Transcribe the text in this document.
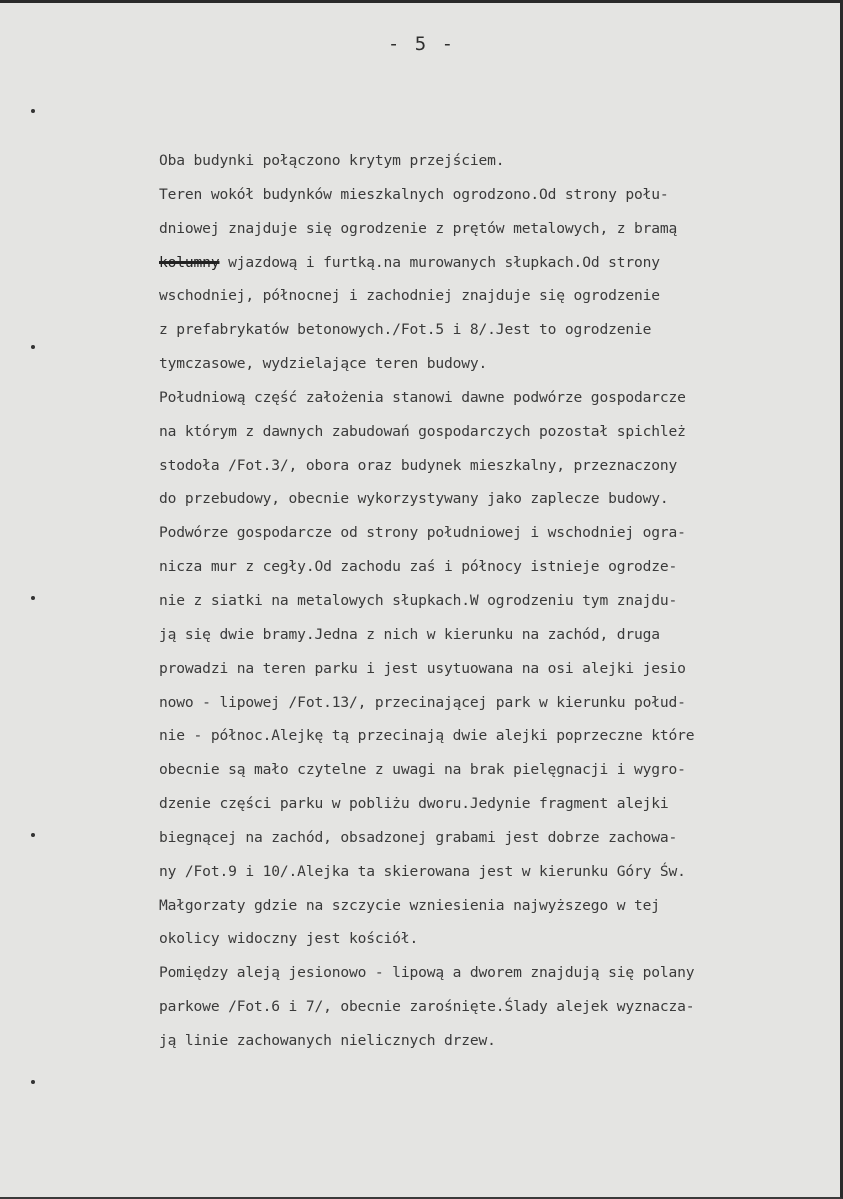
- 5 -
Oba budynki połączono krytym przejściem.
Teren wokół budynków mieszkalnych ogrodzono.Od strony połu-
dniowej znajduje się ogrodzenie z prętów metalowych, z bramą
kolumny wjazdową i furtką.na murowanych słupkach.Od strony
wschodniej, północnej i zachodniej znajduje się ogrodzenie
z prefabrykatów betonowych./Fot.5 i 8/.Jest to ogrodzenie
tymczasowe, wydzielające teren budowy.
Południową część założenia stanowi dawne podwórze gospodarcze
na którym z dawnych zabudowań gospodarczych pozostał spichleż
stodoła /Fot.3/, obora oraz budynek mieszkalny, przeznaczony
do przebudowy, obecnie wykorzystywany jako zaplecze budowy.
Podwórze gospodarcze od strony południowej i wschodniej ogra-
nicza mur z cegły.Od zachodu zaś i północy istnieje ogrodze-
nie z siatki na metalowych słupkach.W ogrodzeniu tym znajdu-
ją się dwie bramy.Jedna z nich w kierunku na zachód, druga
prowadzi na teren parku i jest usytuowana na osi alejki jesio
nowo - lipowej /Fot.13/, przecinającej park w kierunku połud-
nie - północ.Alejkę tą przecinają dwie alejki poprzeczne które
obecnie są mało czytelne z uwagi na brak pielęgnacji i wygro-
dzenie części parku w pobliżu dworu.Jedynie fragment alejki
biegnącej na zachód, obsadzonej grabami jest dobrze zachowa-
ny /Fot.9 i 10/.Alejka ta skierowana jest w kierunku Góry Św.
Małgorzaty gdzie na szczycie wzniesienia najwyższego w tej
okolicy widoczny jest kościół.
Pomiędzy aleją jesionowo - lipową a dworem znajdują się polany
parkowe /Fot.6 i 7/, obecnie zarośnięte.Ślady alejek wyznacza-
ją linie zachowanych nielicznych drzew.
